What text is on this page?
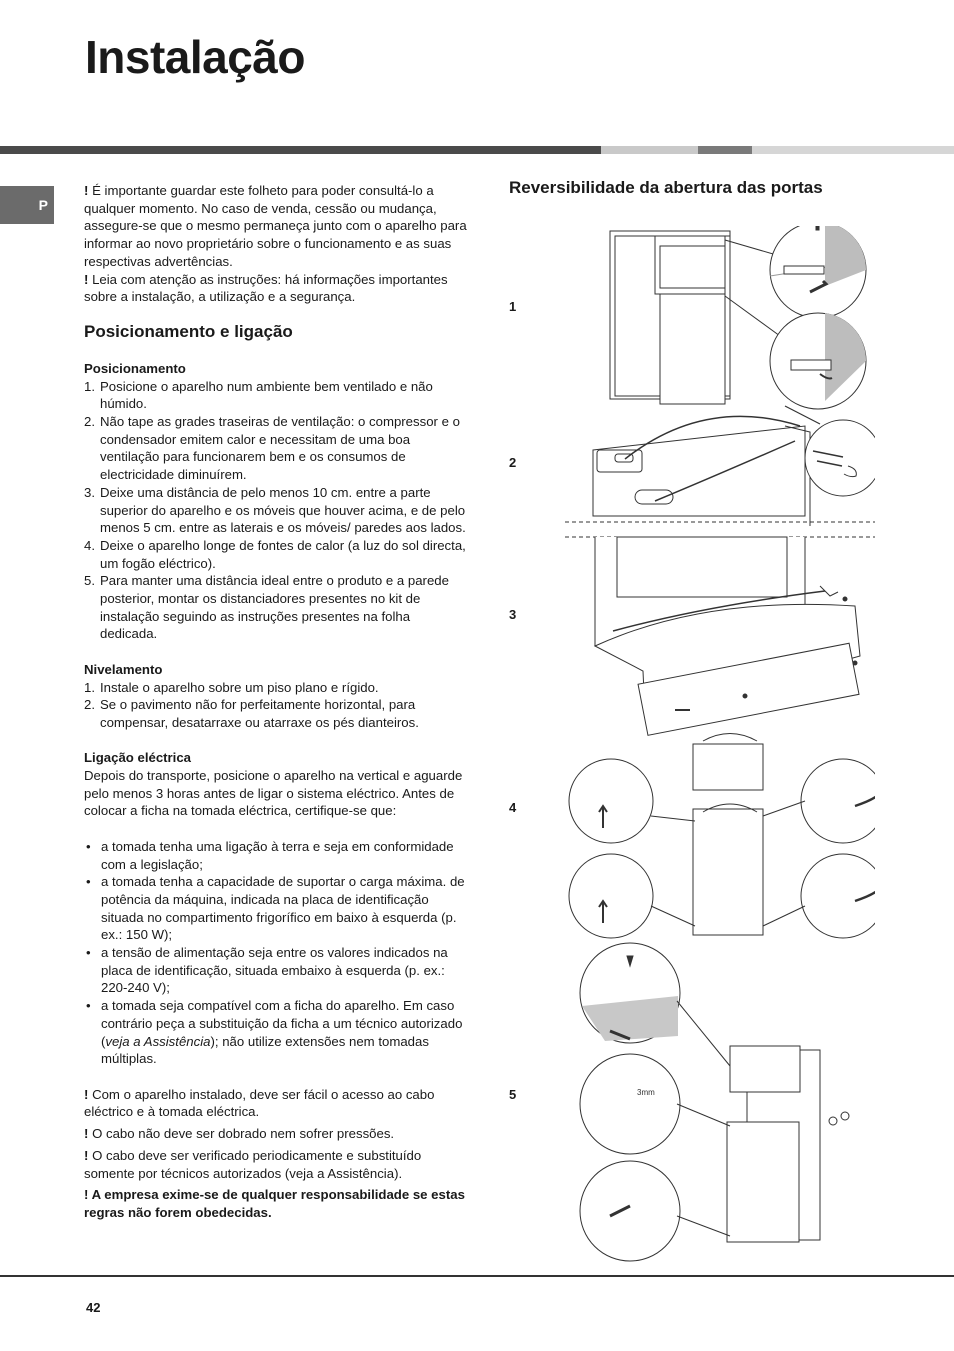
Instalação
P

! É importante guardar este folheto para poder consultá-lo a qualquer momento. No caso de venda, cessão ou mudança, assegure-se que o mesmo permaneça junto com o aparelho para informar ao novo proprietário sobre o funcionamento e as suas respectivas advertências.

! Leia com atenção as instruções: há informações importantes sobre a instalação, a utilização e a segurança.

Posicionamento e ligação
Posicionamento
1. Posicione o aparelho num ambiente bem ventilado e não húmido.
2. Não tape as grades traseiras de ventilação: o compressor e o condensador emitem calor e necessitam de uma boa ventilação para funcionarem bem e os consumos de electricidade diminuírem.
3. Deixe uma distância de pelo menos 10 cm. entre a parte superior do aparelho e os móveis que houver acima, e de pelo menos 5 cm. entre as laterais e os móveis/ paredes aos lados.
4. Deixe o aparelho longe de fontes de calor (a luz do sol directa, um fogão eléctrico).
5. Para manter uma distância ideal entre o produto e a parede posterior, montar os distanciadores presentes no kit de instalação seguindo as instruções presentes na folha dedicada.
Nivelamento
1. Instale o aparelho sobre um piso plano e rígido.
2. Se o pavimento não for perfeitamente horizontal, para compensar, desatarraxe ou atarraxe os pés dianteiros.
Ligação eléctrica

Depois do transporte, posicione o aparelho na vertical e aguarde pelo menos 3 horas antes de ligar o sistema eléctrico. Antes de colocar a ficha na tomada eléctrica, certifique-se que:

• a tomada tenha uma ligação à terra e seja em conformidade com a legislação;
• a tomada tenha a capacidade de suportar o carga máxima. de potência da máquina, indicada na placa de identificação situada no compartimento frigorífico em baixo à esquerda (p. ex.: 150 W);
• a tensão de alimentação seja entre os valores indicados na placa de identificação, situada embaixo à esquerda (p. ex.: 220-240 V);
• a tomada seja compatível com a ficha do aparelho. Em caso contrário peça a substituição da ficha a um técnico autorizado (veja a Assistência); não utilize extensões nem tomadas múltiplas.

! Com o aparelho instalado, deve ser fácil o acesso ao cabo eléctrico e à tomada eléctrica.

! O cabo não deve ser dobrado nem sofrer pressões.

! O cabo deve ser verificado periodicamente e substituído somente por técnicos autorizados (veja a Assistência).

! A empresa exime-se de qualquer responsabilidade se estas regras não forem obedecidas.

Reversibilidade da abertura das portas
1
2
3
4
5	3mm
42
